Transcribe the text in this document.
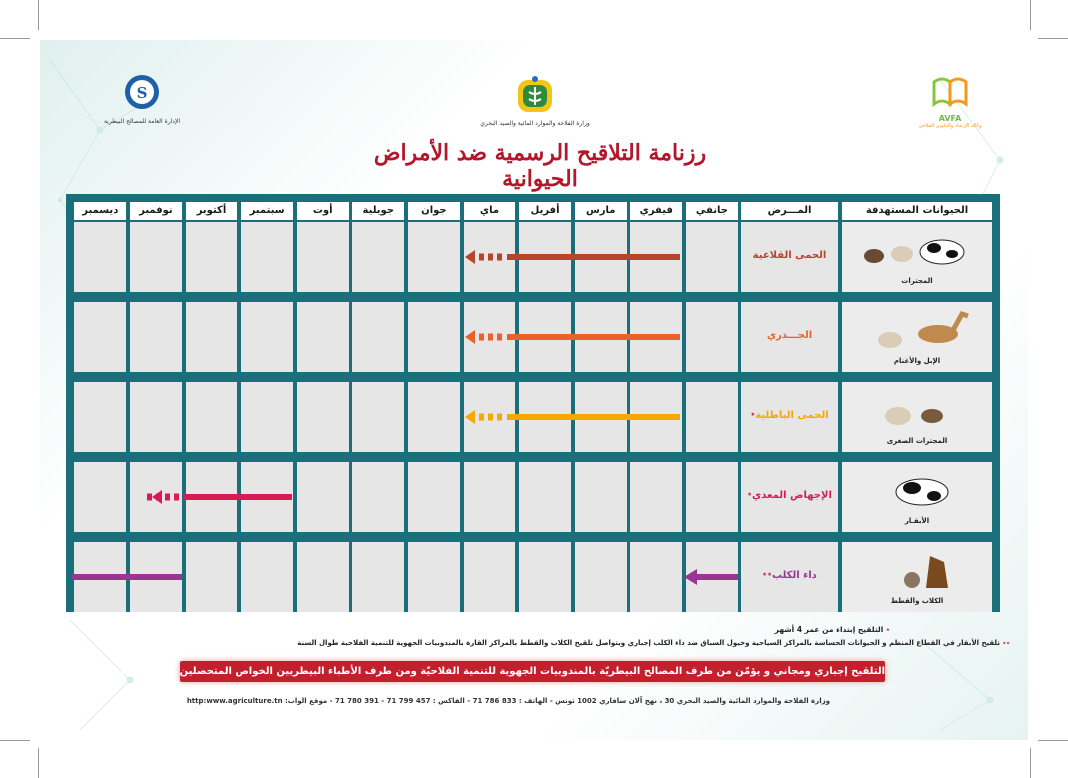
S
الإدارة العامة للمصالح البيطرية	وزارة الفلاحة والموارد المائية والصيد البحري
AVFA
وكالة الإرشاد والتكوين الفلاحي
رزنامة التلاقيح الرسمية ضد الأمراض الحيوانية
الحيوانات المستهدفة
المـــرض
جانفي
فيفري
مارس
أفريل
ماي
جوان
جويلية
أوت
سبتمبر
أكتوبر
نوفمبر
ديسمبر
المجترات
الحمى القلاعية
الإبل والأغنام
الجـــدري
المجترات الصغرى
الحمى الباطلية٭
الأبقـار
الإجهاض المعدي٭
الكلاب والقطط
داء الكلب٭٭
٭ التلقيح إبتداء من عمر 4 أشهر
٭٭ تلقيح الأبقار في القطاع المنظم و الحيوانات الحساسة بالمراكز السياحية وخيول السباق ضد داء الكلب إجباري ويتواصل تلقيح الكلاب والقطط بالمراكز القارة بالمندوبيات الجهوية للتنمية الفلاحية طوال السنة
التلقيح إجباري ومجاني و يؤمّن من طرف المصالح البيطريّة بالمندوبيات الجهوية للتنمية الفلاحيّة ومن طرف الأطباء البيطريين الخواص المتحصلين على التوكيل الصحي.
وزارة الفلاحة والموارد المائية والصيد البحري 30 ، نهج آلان سافاري 1002 تونس - الهاتف : 833 786 71 - الفاكس : 457 799 71 - 391 780 71 - موقع الواب: http:www.agriculture.tn
